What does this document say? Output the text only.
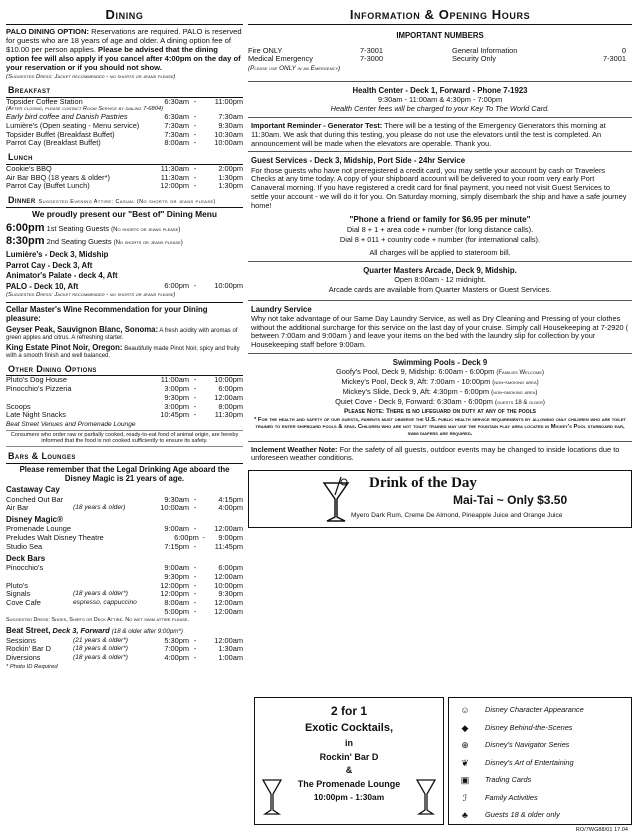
Dining

PALO DINING OPTION: Reservations are required. PALO is reserved for guests who are 18 years of age and older. A dining option fee of $10.00 per person applies. Please be advised that the dining option fee will also apply if you cancel after 4:00pm on the day of your reservation or if you should not show.

(Suggested Dress: Jacket recommended - no shorts or jeans please)

Breakfast
Topsider Coffee Station	6:30am -	11:00pm
(After closing, please contact Room Service by dialing 7-6804)
Early bird coffee and Danish Pastries	6:30am -	7:30am
Lumière's (Open seating - Menu service)	7:30am -	9:30am
Topsider Buffet (Breakfast Buffet)	7:30am -	10:30am
Parrot Cay (Breakfast Buffet)	8:00am -	10:00am
Lunch
Cookie's BBQ	11:30am -	2:00pm
Air Bar BBQ (18 years & older*)	11:30am -	1:30pm
Parrot Cay (Buffet Lunch)	12:00pm -	1:30pm
Dinner Suggested Evening Attire: Casual (No shorts or jeans please)

We proudly present our "Best of" Dining Menu

6:00pm 1st Seating Guests (No shorts or jeans please)

8:30pm 2nd Seating Guests (No shorts or jeans please)

Lumière's - Deck 3, Midship

Parrot Cay - Deck 3, Aft

Animator's Palate - deck 4, Aft

PALO - Deck 10, Aft	6:00pm -	10:00pm

(Suggested Dress: Jacket recommended - no shorts or jeans please)

Cellar Master's Wine Recommendation for your Dining pleasure:

Geyser Peak, Sauvignon Blanc, Sonoma: A fresh acidity with aromas of green apples and citrus. A refreshing starter.

King Estate Pinot Noir, Oregon: Beautifully made Pinot Noir, spicy and fruity with a smooth finish and well balanced.

Other Dining Options
Pluto's Dog House	11:00am -	10:00pm
Pinocchio's Pizzeria	3:00pm -	6:00pm
9:30pm -	12:00am
Scoops	3:00pm -	8:00pm
Late Night Snacks	10:45pm -	11:30pm

Beat Street Venues and Promenade Lounge

Consumers who order raw or partially cooked, ready-to-eat food of animal origin, are hereby informed that the food is not cooked sufficiently to ensure its safety.

Bars & Lounges

Please remember that the Legal Drinking Age aboard the Disney Magic is 21 years of age.

Castaway Cay

Conched Out Bar	9:30am -	4:15pm
Air Bar	(18 years & older)	10:00am -	4:00pm

Disney Magic®

Promenade Lounge	9:00am -	12:00am
Preludes Walt Disney Theatre	6:00pm -	9:00pm
Studio Sea	7:15pm -	11:45pm

Deck Bars

Pinocchio's	9:00am -	6:00pm
9:30pm -	12:00am
Pluto's	12:00pm -	10:00pm
Signals	(18 years & older*)	12:00pm -	9:30pm
Cove Cafe	espresso, cappuccino	8:00am -	12:00am
5:00pm -	12:00am

Suggested Dress: Shoes, Shirts or Deck Attire. No wet swim attire please.

Beat Street, Deck 3, Forward (18 & older after 9:00pm*)

Sessions	(21 years & older*)	5:30pm -	12:00am
Rockin' Bar D	(18 years & older*)	7:00pm -	1:30am
Diversions	(18 years & older*)	4:00pm -	1:00am

* Photo ID Required

Information & Opening Hours

IMPORTANT NUMBERS

Fire ONLY	7-3001	General Information	0
Medical Emergency	7-3000	Security Only	7-3001

(Please use ONLY in an Emergency)

Health Center - Deck 1, Forward - Phone 7-1923

9:30am - 11:00am & 4:30pm - 7:00pm

Health Center fees will be charged to your Key To The World Card.

Important Reminder - Generator Test: There will be a testing of the Emergency Generators this morning at 11:30am. We ask that during this testing, you please do not use the elevators until the test is completed. An announcement will be made when the elevators are operable. Thank you.

Guest Services - Deck 3, Midship, Port Side - 24hr Service

For those guests who have not preregistered a credit card, you may settle your account by cash or Travelers Checks at any time today. A copy of your shipboard account will be delivered to your room very early Port Canaveral morning. If you have registered a credit card for final payment, you need not visit Guest Services to settle your account - we will do it for you. On Saturday morning, simply disembark the ship and have a safe journey home!

"Phone a friend or family for $6.95 per minute"

Dial 8 + 1 + area code + number (for long distance calls).

Dial 8 + 011 + country code + number (for international calls).

All charges will be applied to stateroom bill.

Quarter Masters Arcade, Deck 9, Midship.

Open 8:00am - 12 midnight.

Arcade cards are available from Quarter Masters or Guest Services.

Laundry Service

Why not take advantage of our Same Day Laundry Service, as well as Dry Cleaning and Pressing of your clothes without the additional surcharge for this service on the last day of your cruise. Simply call Housekeeping at 7-2920 ( between 7:00am and 9:00am ) and leave your items on the bed with the laundry slip for collection by your Housekeeping staff before 9:00am.

Swimming Pools - Deck 9

Goofy's Pool, Deck 9, Midship: 6:00am - 6:00pm (Families Welcome)

Mickey's Pool, Deck 9, Aft: 7:00am - 10:00pm (non-smoking area)

Mickey's Slide, Deck 9, Aft: 4:30pm - 6:00pm (non-smoking area)

Quiet Cove - Deck 9, Forward: 6:30am - 6:00pm (guests 18 & older)

Please Note: There is no lifeguard on duty at any of the pools

* For the health and safety of our guests, parents must observe the U.S. public health service requirements by allowing only children who are toilet trained to enter shipboard pools & spas. Children who are not toilet trained may use the fountain play area located in Mickey's Pool starboard ear, swim diapers are required.

Inclement Weather Note: For the safety of all guests, outdoor events may be changed to inside locations due to unforeseen weather conditions.

Drink of the Day
Mai-Tai ~ Only $3.50
Myero Dark Rum, Creme De Almond, Pineapple Juice and Orange Juice

2 for 1

Exotic Cocktails,

in

Rockin' Bar D

&

The Promenade Lounge

10:00pm - 1:30am

☺	Disney Character Appearance
◆	Disney Behind-the-Scenes
⊕	Disney's Navigator Series
❦	Disney's Art of Entertaining
▣	Trading Cards
ℐ	Family Activities
♣	Guests 18 & older only
RO/7WG88/01 17.04
